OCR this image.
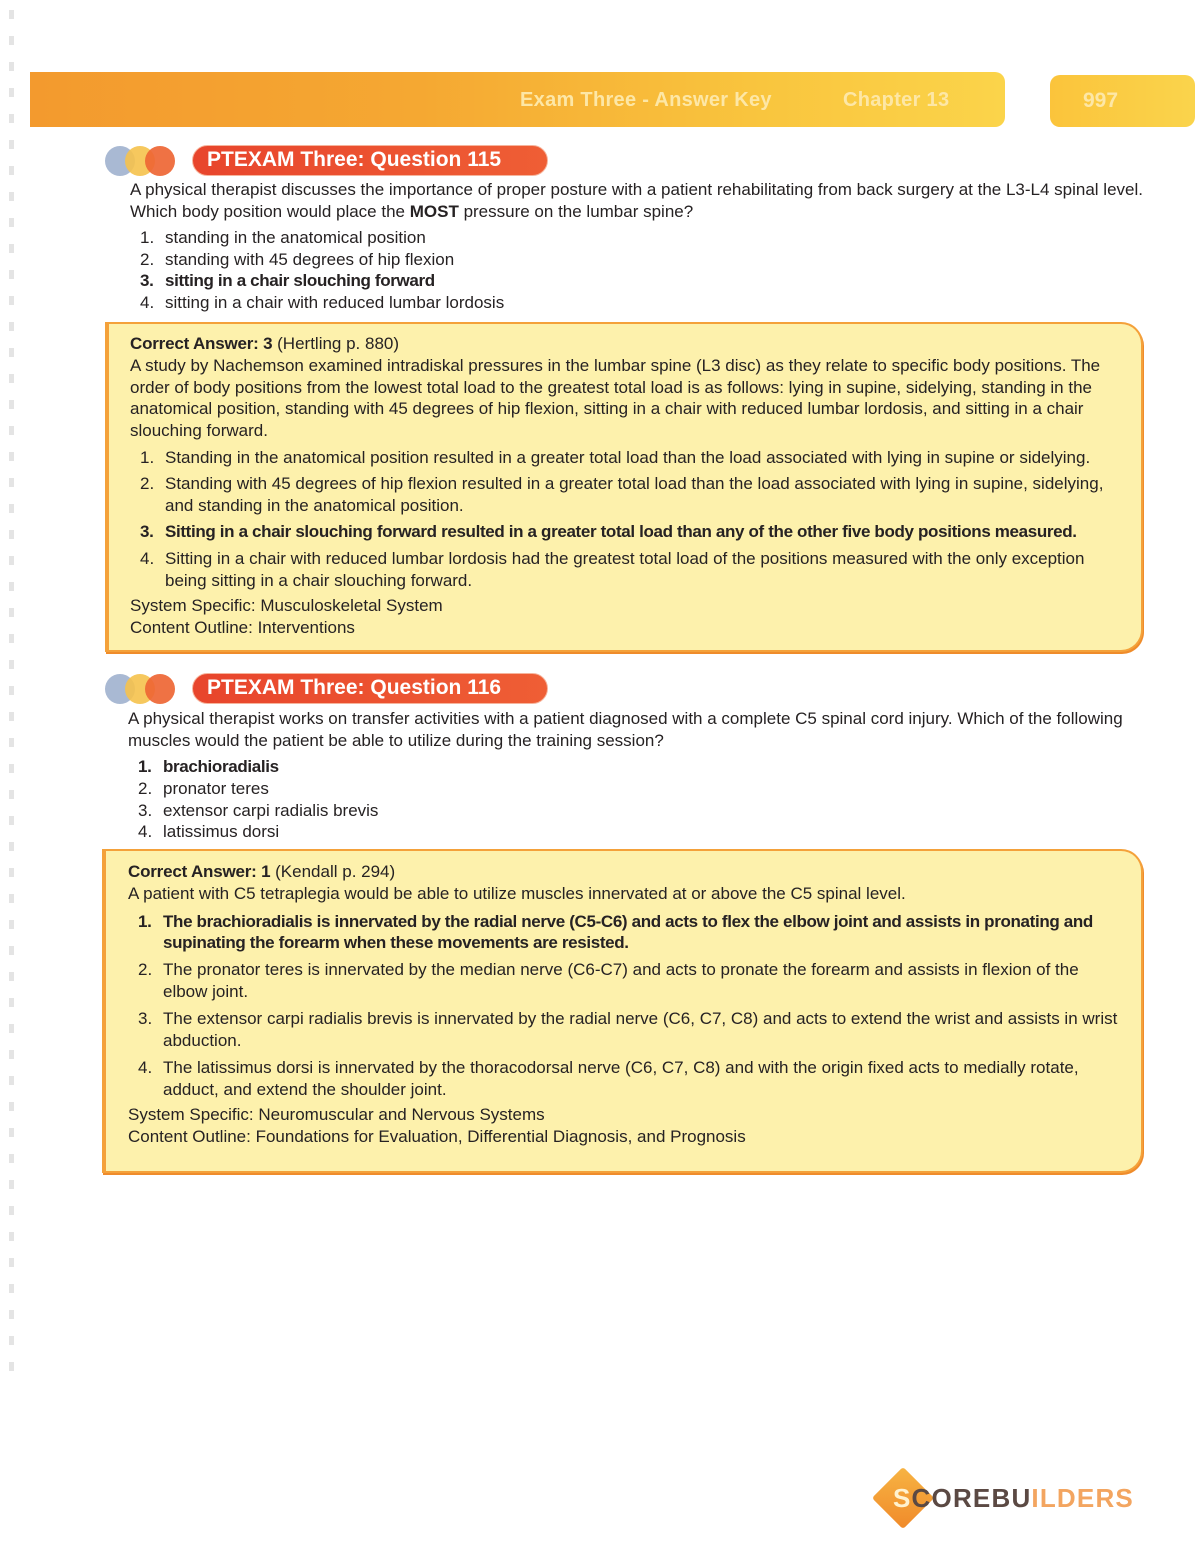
Exam Three - Answer Key	Chapter 13	997
PTEXAM Three: Question 115

A physical therapist discusses the importance of proper posture with a patient rehabilitating from back surgery at the L3-L4 spinal level. Which body position would place the MOST pressure on the lumbar spine?

1. standing in the anatomical position
2. standing with 45 degrees of hip flexion
3. sitting in a chair slouching forward
4. sitting in a chair with reduced lumbar lordosis
Correct Answer: 3 (Hertling p. 880)
A study by Nachemson examined intradiskal pressures in the lumbar spine (L3 disc) as they relate to specific body positions. The order of body positions from the lowest total load to the greatest total load is as follows: lying in supine, sidelying, standing in the anatomical position, standing with 45 degrees of hip flexion, sitting in a chair with reduced lumbar lordosis, and sitting in a chair slouching forward.
1. Standing in the anatomical position resulted in a greater total load than the load associated with lying in supine or sidelying.
2. Standing with 45 degrees of hip flexion resulted in a greater total load than the load associated with lying in supine, sidelying, and standing in the anatomical position.
3. Sitting in a chair slouching forward resulted in a greater total load than any of the other five body positions measured.
4. Sitting in a chair with reduced lumbar lordosis had the greatest total load of the positions measured with the only exception being sitting in a chair slouching forward.
System Specific: Musculoskeletal System
Content Outline: Interventions
PTEXAM Three: Question 116

A physical therapist works on transfer activities with a patient diagnosed with a complete C5 spinal cord injury. Which of the following muscles would the patient be able to utilize during the training session?

1. brachioradialis
2. pronator teres
3. extensor carpi radialis brevis
4. latissimus dorsi
Correct Answer: 1 (Kendall p. 294)
A patient with C5 tetraplegia would be able to utilize muscles innervated at or above the C5 spinal level.
1. The brachioradialis is innervated by the radial nerve (C5-C6) and acts to flex the elbow joint and assists in pronating and supinating the forearm when these movements are resisted.
2. The pronator teres is innervated by the median nerve (C6-C7) and acts to pronate the forearm and assists in flexion of the elbow joint.
3. The extensor carpi radialis brevis is innervated by the radial nerve (C6, C7, C8) and acts to extend the wrist and assists in wrist abduction.
4. The latissimus dorsi is innervated by the thoracodorsal nerve (C6, C7, C8) and with the origin fixed acts to medially rotate, adduct, and extend the shoulder joint.
System Specific: Neuromuscular and Nervous Systems
Content Outline: Foundations for Evaluation, Differential Diagnosis, and Prognosis
SCOREBUILDERS
